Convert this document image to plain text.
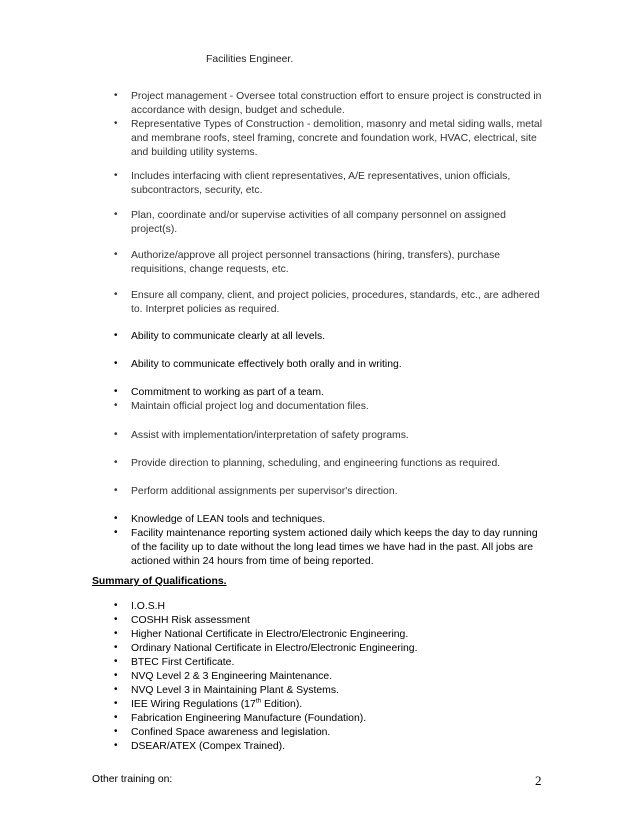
Facilities Engineer.
• Project management - Oversee total construction effort to ensure project is constructed in
accordance with design, budget and schedule.
• Representative Types of Construction - demolition, masonry and metal siding walls, metal
and membrane roofs, steel framing, concrete and foundation work, HVAC, electrical, site
and building utility systems.
• Includes interfacing with client representatives, A/E representatives, union officials,
subcontractors, security, etc.
• Plan, coordinate and/or supervise activities of all company personnel on assigned
project(s).
• Authorize/approve all project personnel transactions (hiring, transfers), purchase
requisitions, change requests, etc.
• Ensure all company, client, and project policies, procedures, standards, etc., are adhered
to. Interpret policies as required.
• Ability to communicate clearly at all levels.
• Ability to communicate effectively both orally and in writing.
• Commitment to working as part of a team.
• Maintain official project log and documentation files.
• Assist with implementation/interpretation of safety programs.
• Provide direction to planning, scheduling, and engineering functions as required.
• Perform additional assignments per supervisor's direction.
• Knowledge of LEAN tools and techniques.
• Facility maintenance reporting system actioned daily which keeps the day to day running
of the facility up to date without the long lead times we have had in the past. All jobs are
actioned within 24 hours from time of being reported.
Summary of Qualifications.
• I.O.S.H
• COSHH Risk assessment
• Higher National Certificate in Electro/Electronic Engineering.
• Ordinary National Certificate in Electro/Electronic Engineering.
• BTEC First Certificate.
• NVQ Level 2 & 3 Engineering Maintenance.
• NVQ Level 3 in Maintaining Plant & Systems.
• IEE Wiring Regulations (17th Edition).
• Fabrication Engineering Manufacture (Foundation).
• Confined Space awareness and legislation.
• DSEAR/ATEX (Compex Trained).
Other training on:	2
